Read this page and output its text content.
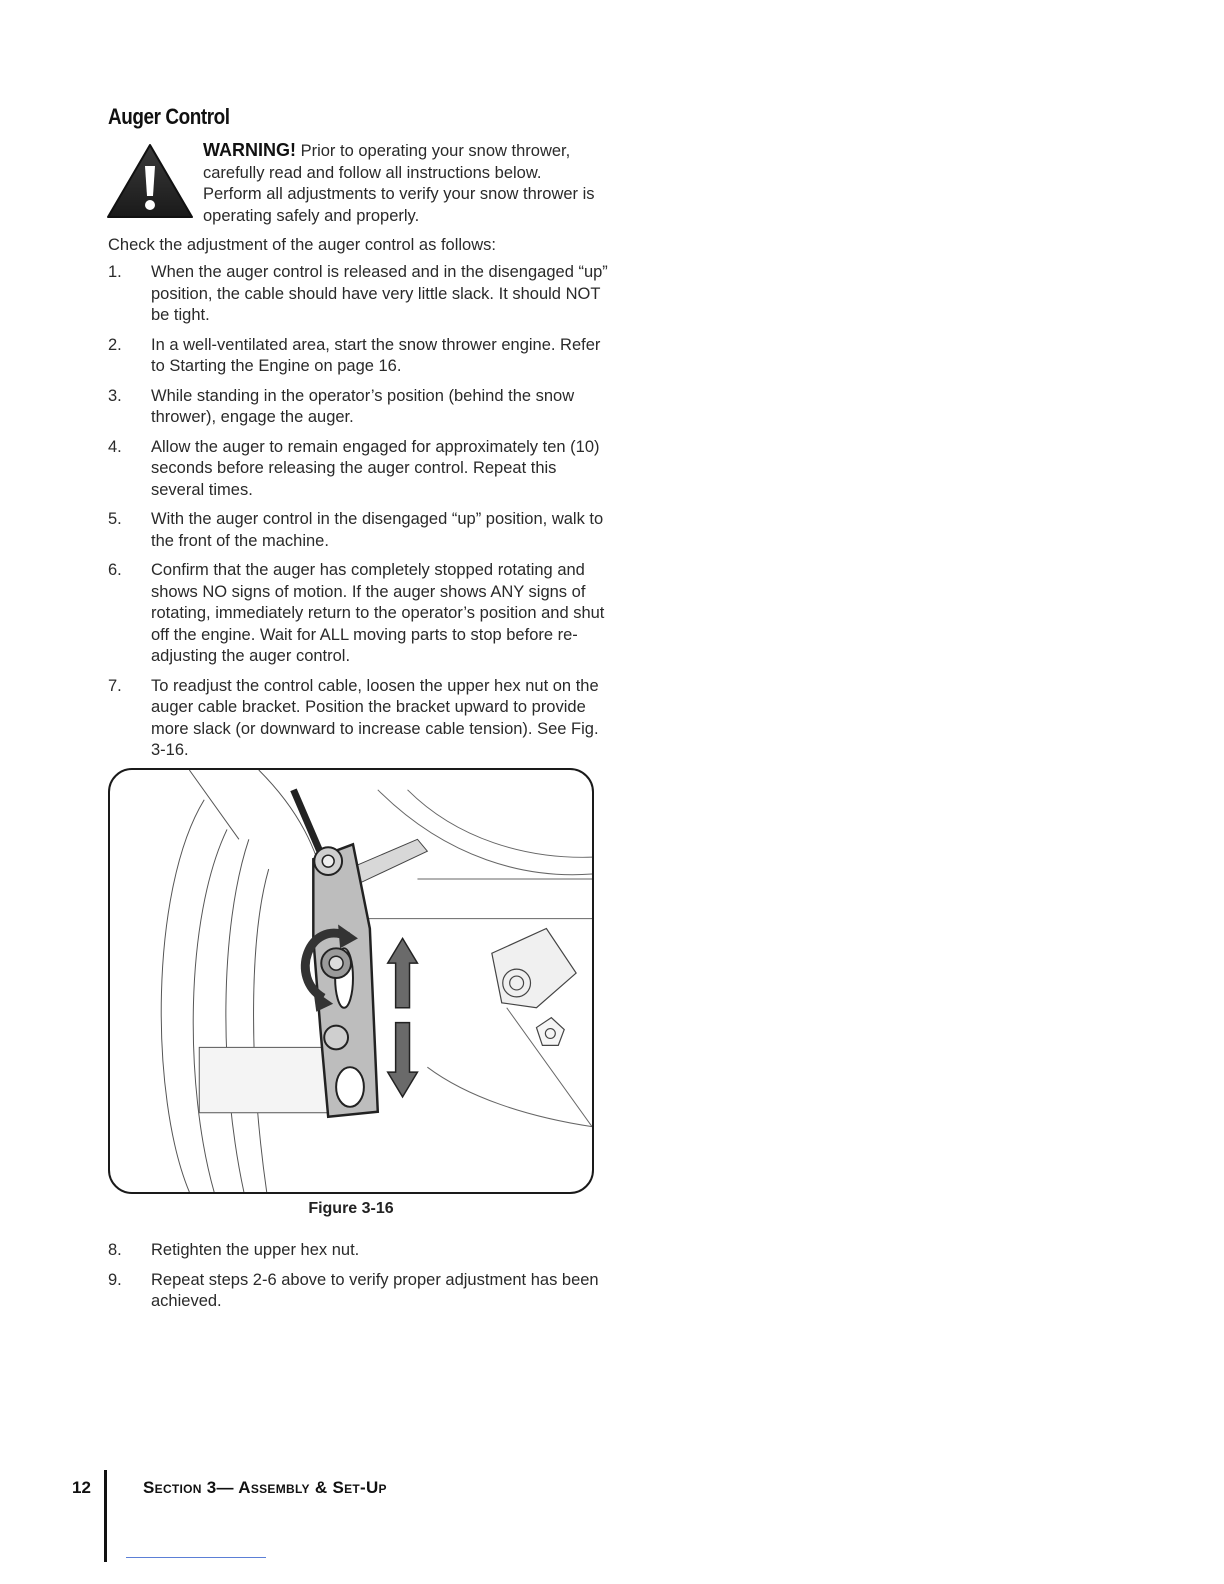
Auger Control
WARNING! Prior to operating your snow thrower, carefully read and follow all instructions below. Perform all adjustments to verify your snow thrower is operating safely and properly.
Check the adjustment of the auger control as follows:
1. When the auger control is released and in the disengaged “up” position, the cable should have very little slack. It should NOT be tight.
2. In a well-ventilated area, start the snow thrower engine. Refer to Starting the Engine on page 16.
3. While standing in the operator’s position (behind the snow thrower), engage the auger.
4. Allow the auger to remain engaged for approximately ten (10) seconds before releasing the auger control. Repeat this several times.
5. With the auger control in the disengaged “up” position, walk to the front of the machine.
6. Confirm that the auger has completely stopped rotating and shows NO signs of motion. If the auger shows ANY signs of rotating, immediately return to the operator’s position and shut off the engine. Wait for ALL moving parts to stop before re-adjusting the auger control.
7. To readjust the control cable, loosen the upper hex nut on the auger cable bracket. Position the bracket upward to provide more slack (or downward to increase cable tension). See Fig. 3-16.
Figure 3-16
8. Retighten the upper hex nut.
9. Repeat steps 2-6 above to verify proper adjustment has been achieved.
12	Section 3— Assembly & Set-Up
